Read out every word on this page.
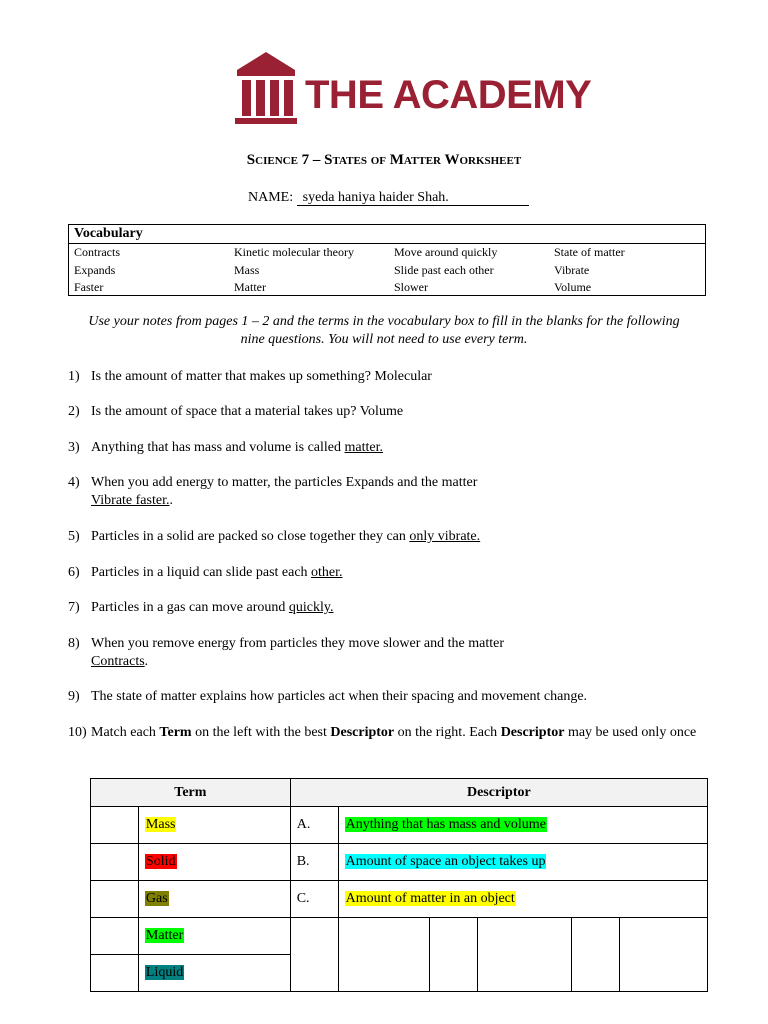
THE ACADEMY
Science 7 – States of Matter Worksheet
NAME: syeda haniya haider Shah.
Vocabulary
Contracts	Kinetic molecular theory	Move around quickly	State of matter
Expands	Mass	Slide past each other	Vibrate
Faster	Matter	Slower	Volume
Use your notes from pages 1 – 2 and the terms in the vocabulary box to fill in the blanks for the following nine questions. You will not need to use every term.
1) Is the amount of matter that makes up something? Molecular
2) Is the amount of space that a material takes up? Volume
3) Anything that has mass and volume is called matter.
4) When you add energy to matter, the particles Expands and the matter
Vibrate faster..
5) Particles in a solid are packed so close together they can only vibrate.
6) Particles in a liquid can slide past each other.
7) Particles in a gas can move around quickly.
8) When you remove energy from particles they move slower and the matter
Contracts.
9) The state of matter explains how particles act when their spacing and movement change.
10) Match each Term on the left with the best Descriptor on the right. Each Descriptor may be used only once
Term		Descriptor					
	Mass	A.	Anything that has mass and volume				
	Solid	B.	Amount of space an object takes up				
	Gas	C.	Amount of matter in an object				
	Matter						
	Liquid						
